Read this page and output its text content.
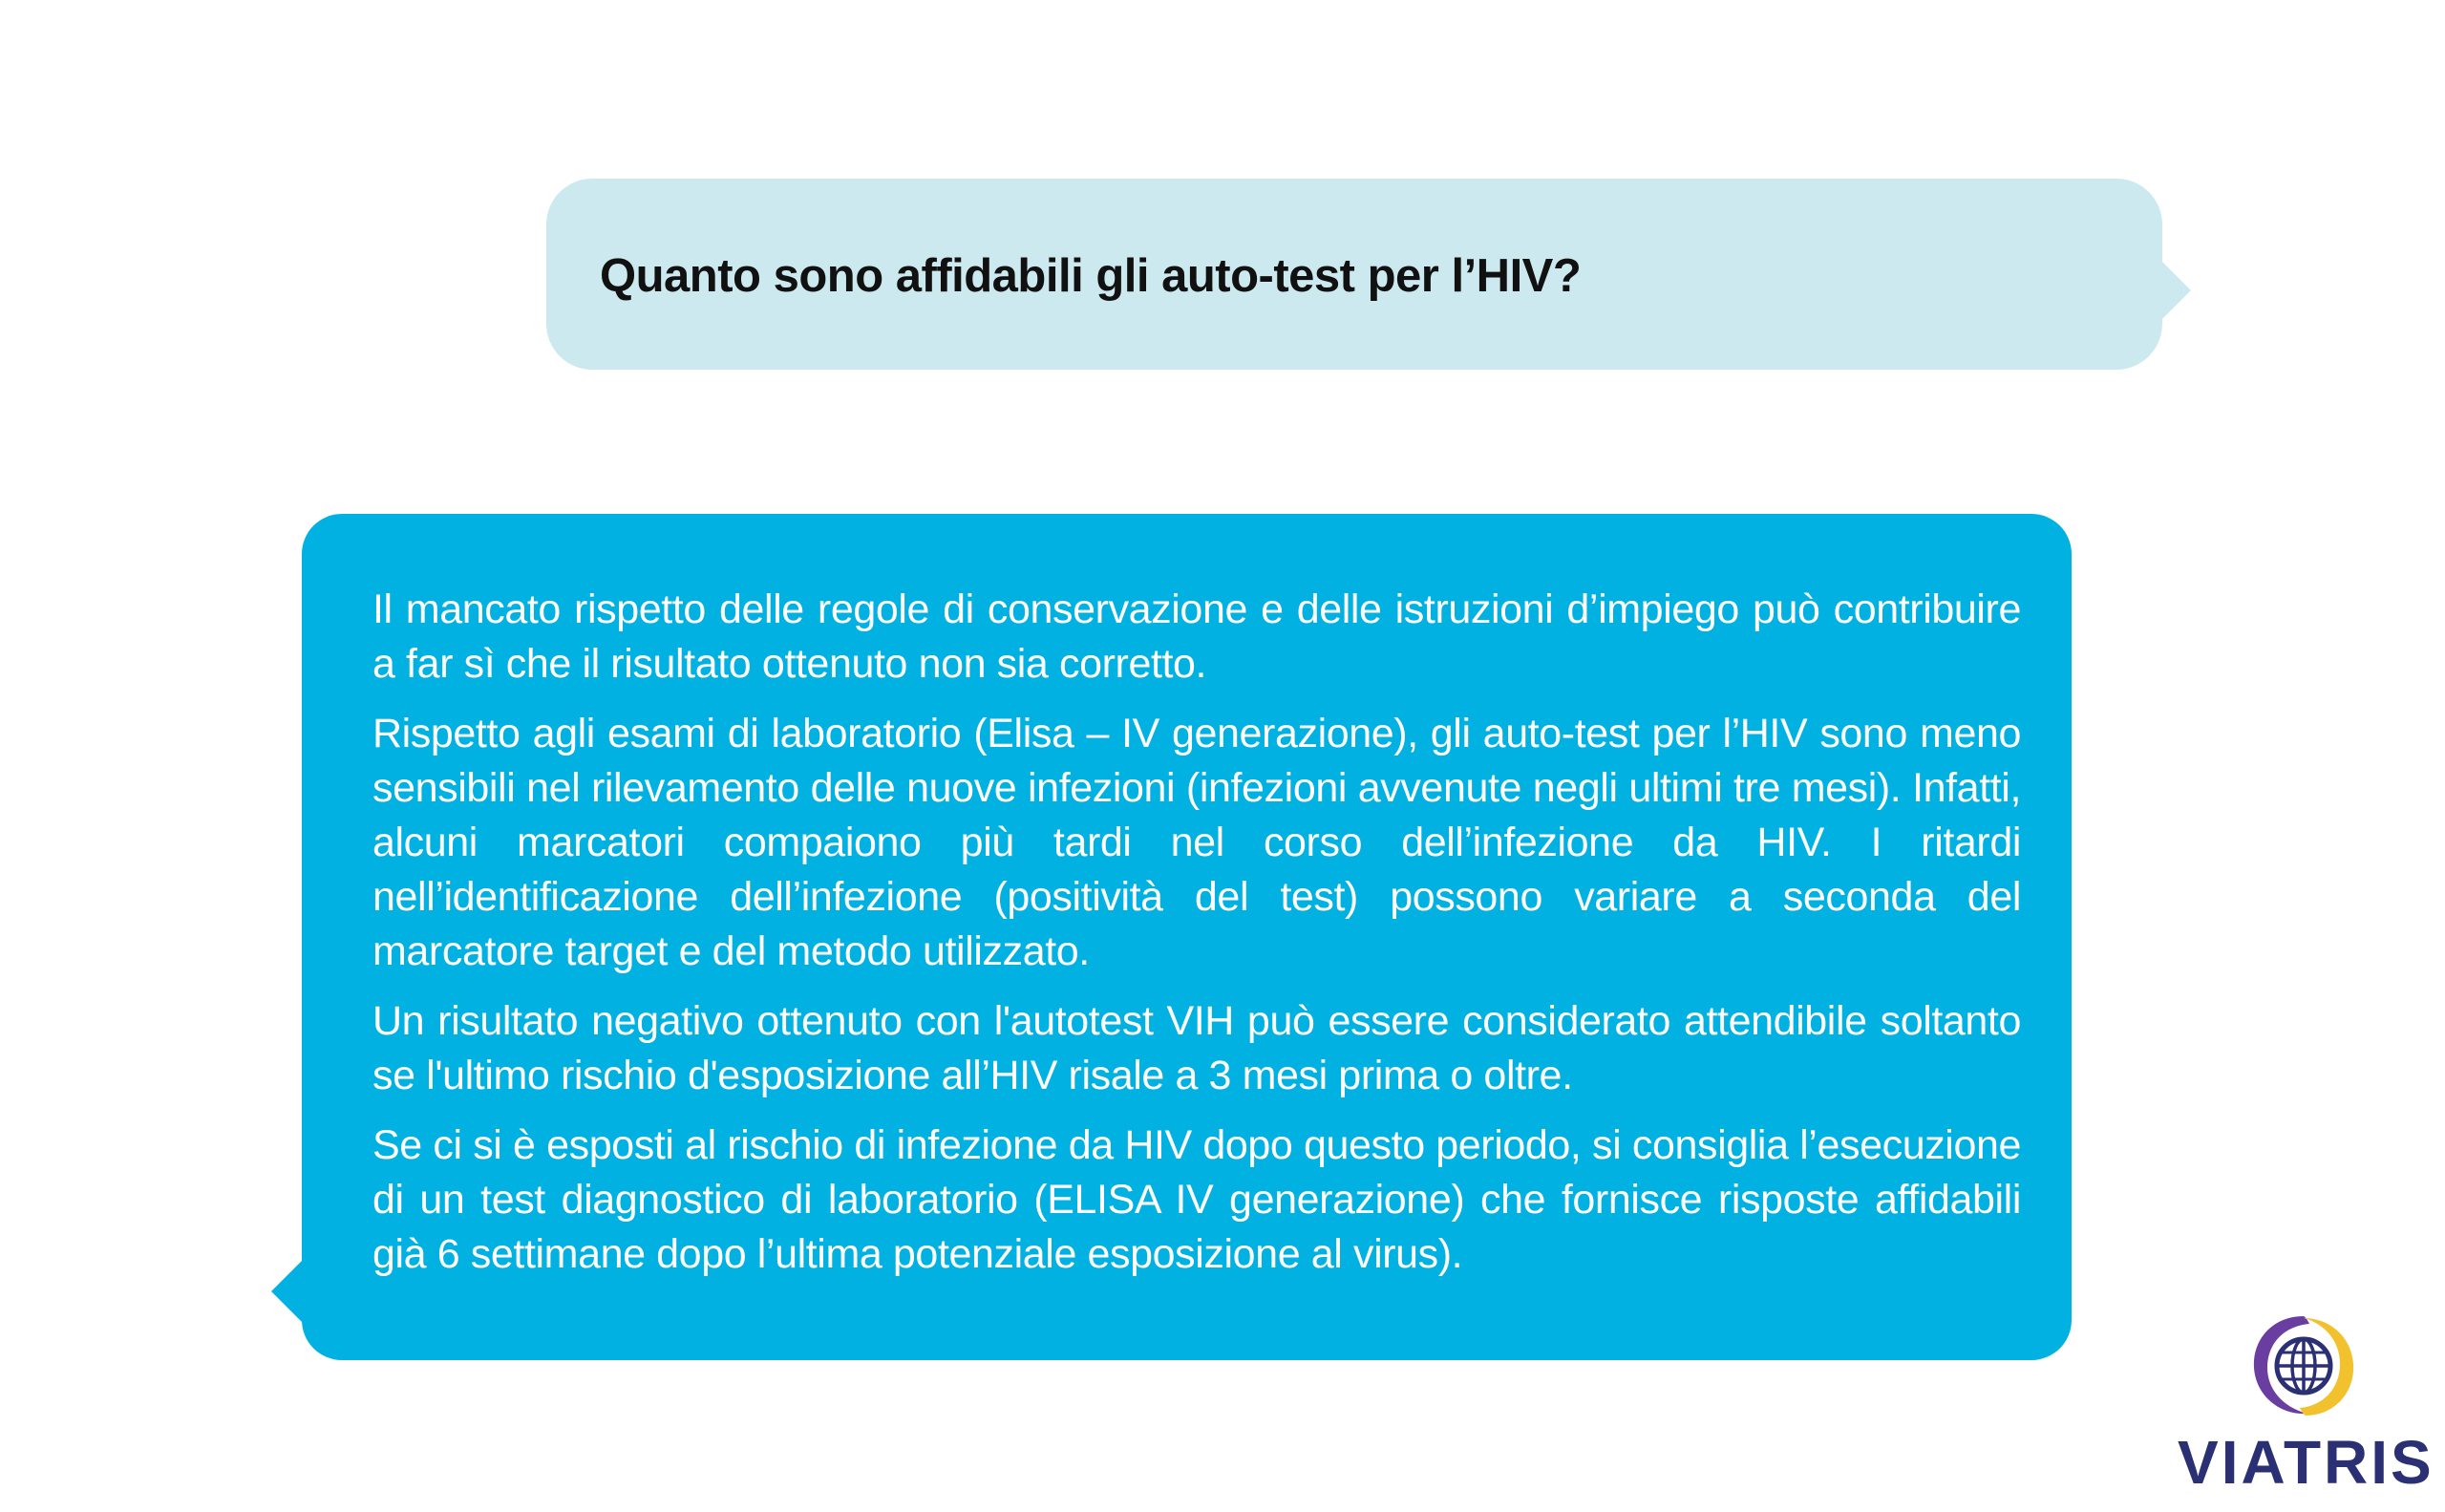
Quanto sono affidabili gli auto-test per l’HIV?

Il mancato rispetto delle regole di conservazione e delle istruzioni d’impiego può contribuire a far sì che il risultato ottenuto non sia corretto.

Rispetto agli esami di laboratorio (Elisa – IV generazione), gli auto-test per l’HIV sono meno sensibili nel rilevamento delle nuove infezioni (infezioni avvenute negli ultimi tre mesi). Infatti, alcuni marcatori compaiono più tardi nel corso dell’infezione da HIV. I ritardi nell’identificazione dell’infezione (positività del test) possono variare a seconda del marcatore target e del metodo utilizzato.

Un risultato negativo ottenuto con l'autotest VIH può essere considerato attendibile soltanto se l'ultimo rischio d'esposizione all’HIV risale a 3 mesi prima o oltre.

Se ci si è esposti al rischio di infezione da HIV dopo questo periodo, si consiglia l’esecuzione di un test diagnostico di laboratorio (ELISA IV generazione) che fornisce risposte affidabili già 6 settimane dopo l’ultima potenziale esposizione al virus).

VIATRIS
